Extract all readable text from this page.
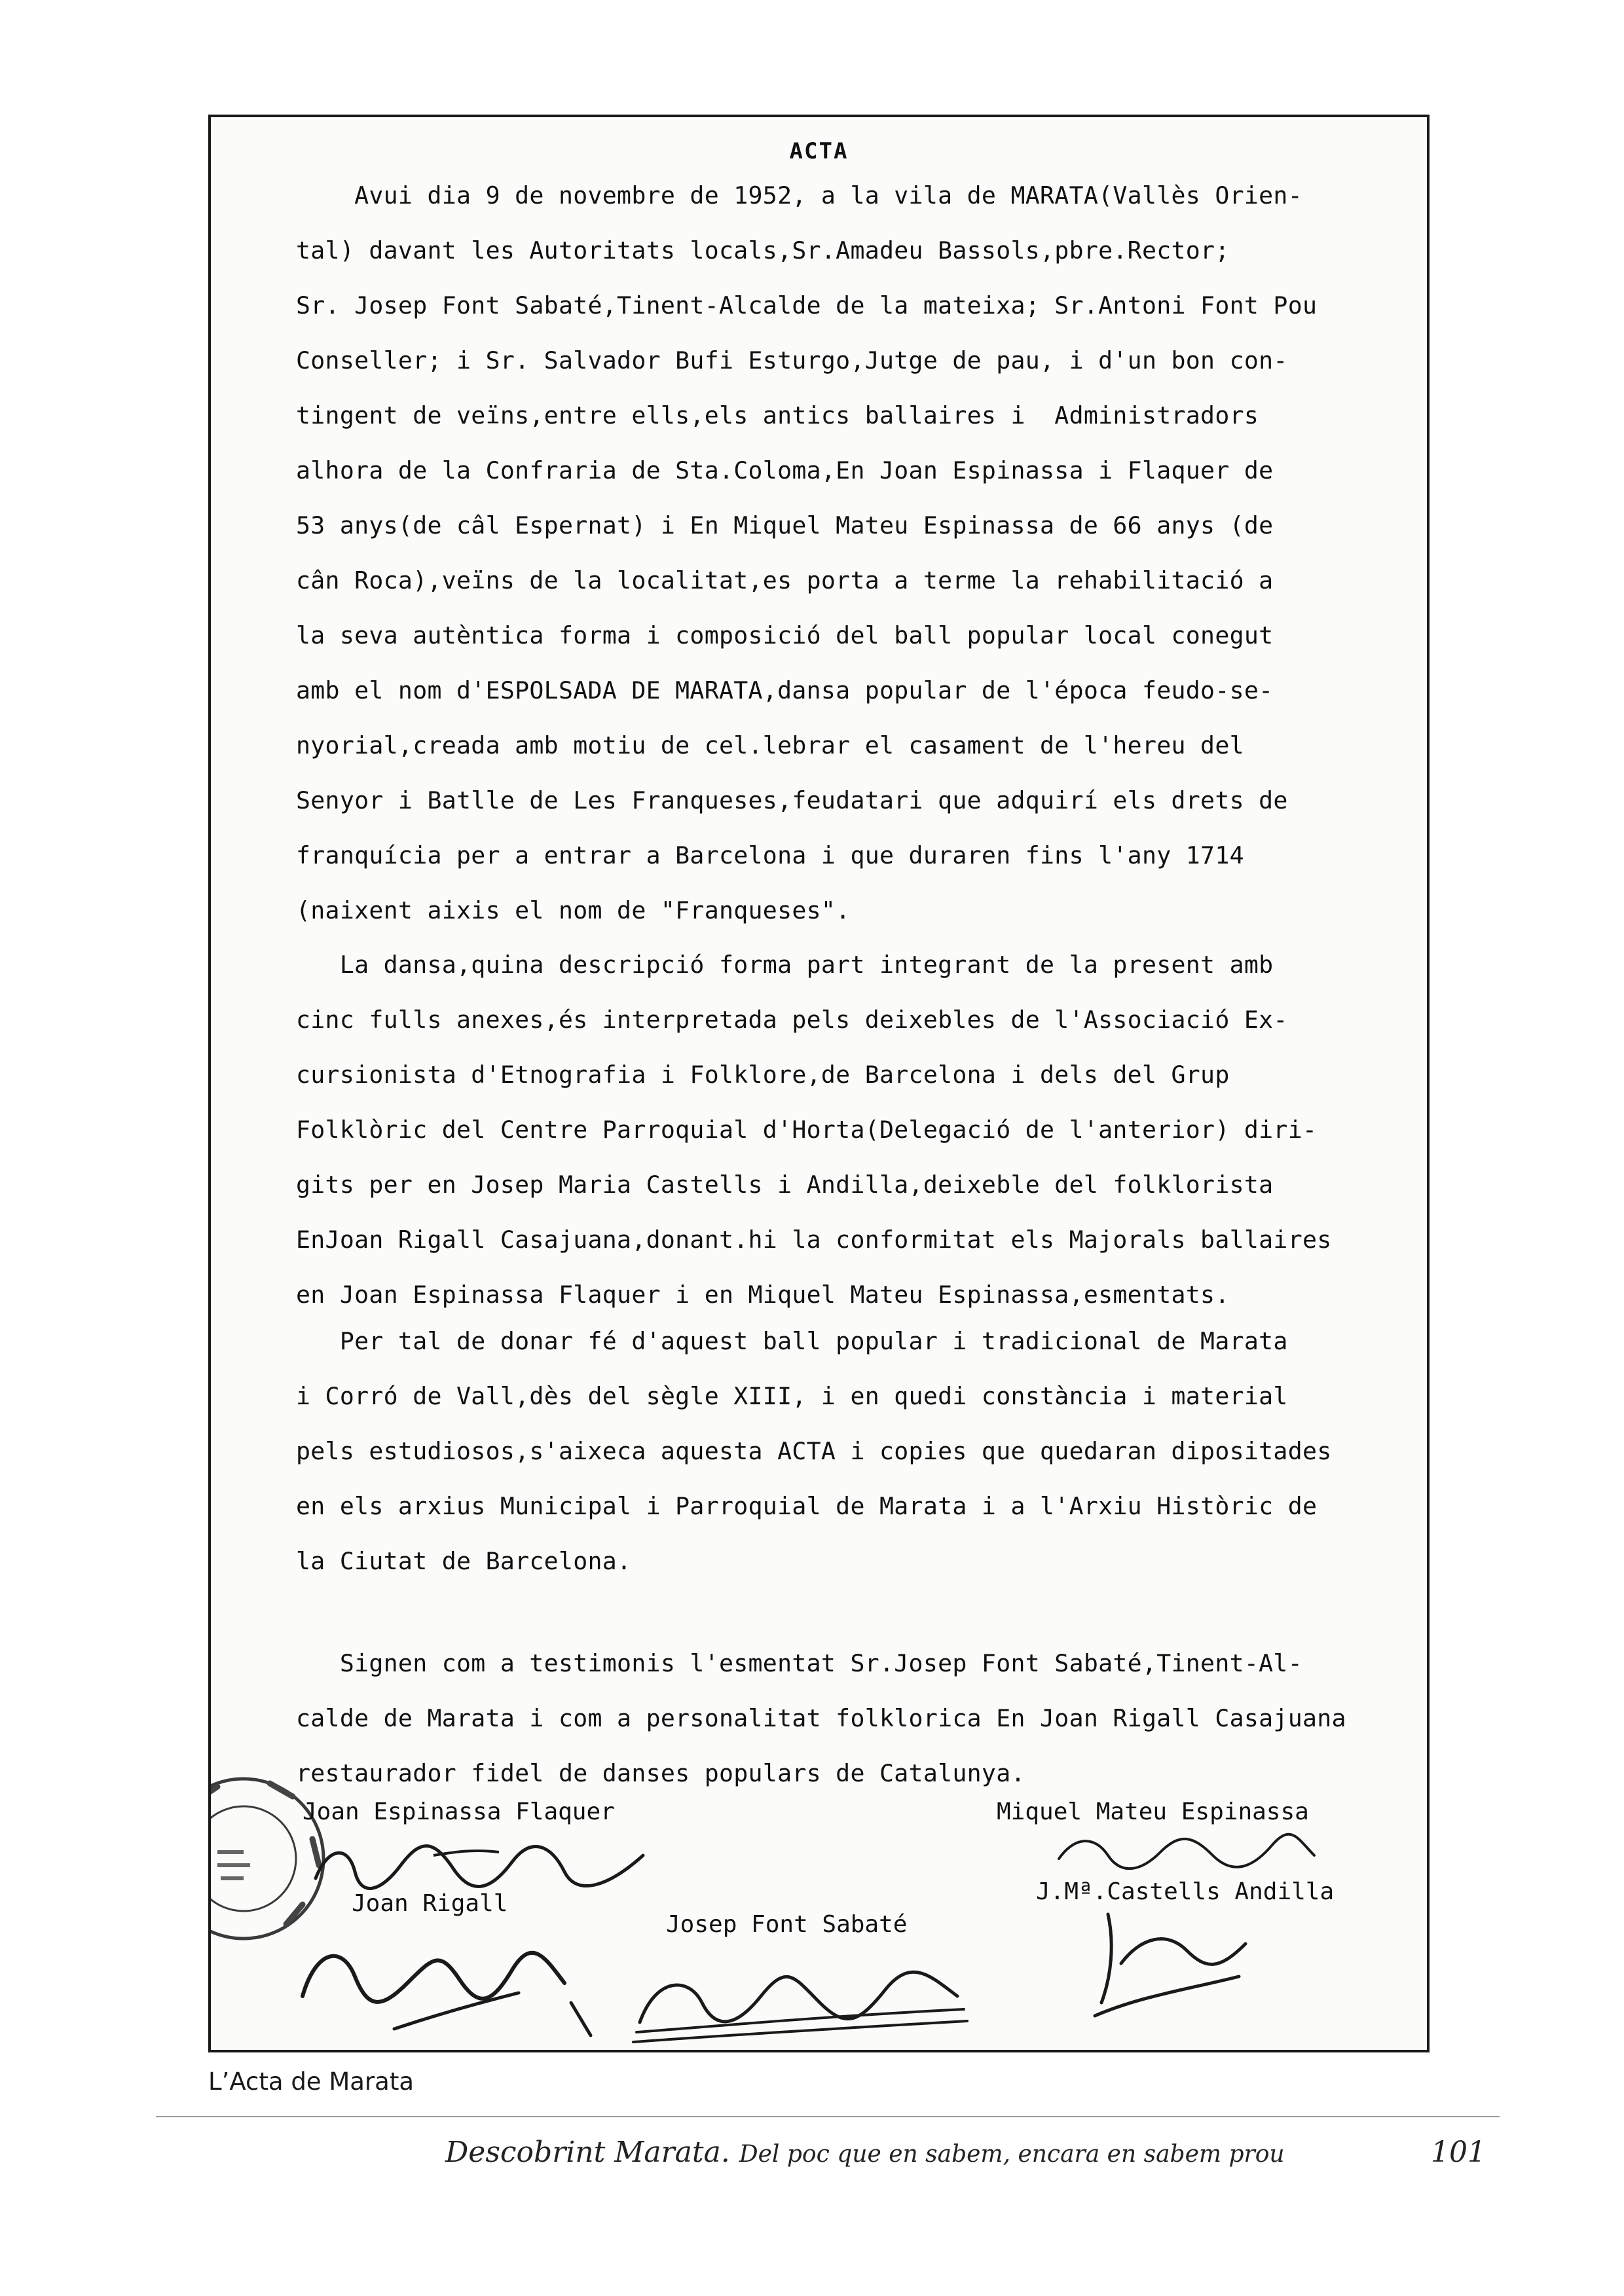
ACTA

Avui dia 9 de novembre de 1952, a la vila de MARATA(Vallès Orien-
tal) davant les Autoritats locals,Sr.Amadeu Bassols,pbre.Rector;
Sr. Josep Font Sabaté,Tinent-Alcalde de la mateixa; Sr.Antoni Font Pou
Conseller; i Sr. Salvador Bufi Esturgo,Jutge de pau, i d'un bon con-
tingent de veïns,entre ells,els antics ballaires i  Administradors
alhora de la Confraria de Sta.Coloma,En Joan Espinassa i Flaquer de
53 anys(de câl Espernat) i En Miquel Mateu Espinassa de 66 anys (de
cân Roca),veïns de la localitat,es porta a terme la rehabilitació a
la seva autèntica forma i composició del ball popular local conegut
amb el nom d'ESPOLSADA DE MARATA,dansa popular de l'época feudo-se-
nyorial,creada amb motiu de cel.lebrar el casament de l'hereu del
Senyor i Batlle de Les Franqueses,feudatari que adquirí els drets de
franquícia per a entrar a Barcelona i que duraren fins l'any 1714
(naixent aixis el nom de "Franqueses".

La dansa,quina descripció forma part integrant de la present amb
cinc fulls anexes,és interpretada pels deixebles de l'Associació Ex-
cursionista d'Etnografia i Folklore,de Barcelona i dels del Grup
Folklòric del Centre Parroquial d'Horta(Delegació de l'anterior) diri-
gits per en Josep Maria Castells i Andilla,deixeble del folklorista
EnJoan Rigall Casajuana,donant.hi la conformitat els Majorals ballaires
en Joan Espinassa Flaquer i en Miquel Mateu Espinassa,esmentats.

Per tal de donar fé d'aquest ball popular i tradicional de Marata
i Corró de Vall,dès del sègle XIII, i en quedi constància i material
pels estudiosos,s'aixeca aquesta ACTA i copies que quedaran dipositades
en els arxius Municipal i Parroquial de Marata i a l'Arxiu Històric de
la Ciutat de Barcelona.

Signen com a testimonis l'esmentat Sr.Josep Font Sabaté,Tinent-Al-
calde de Marata i com a personalitat folklorica En Joan Rigall Casajuana
restaurador fidel de danses populars de Catalunya.

Joan Espinassa Flaquer
Joan Rigall
Josep Font Sabaté
Miquel Mateu Espinassa
J.Mª.Castells Andilla
L’Acta de Marata
Descobrint Marata. Del poc que en sabem, encara en sabem prou	101
